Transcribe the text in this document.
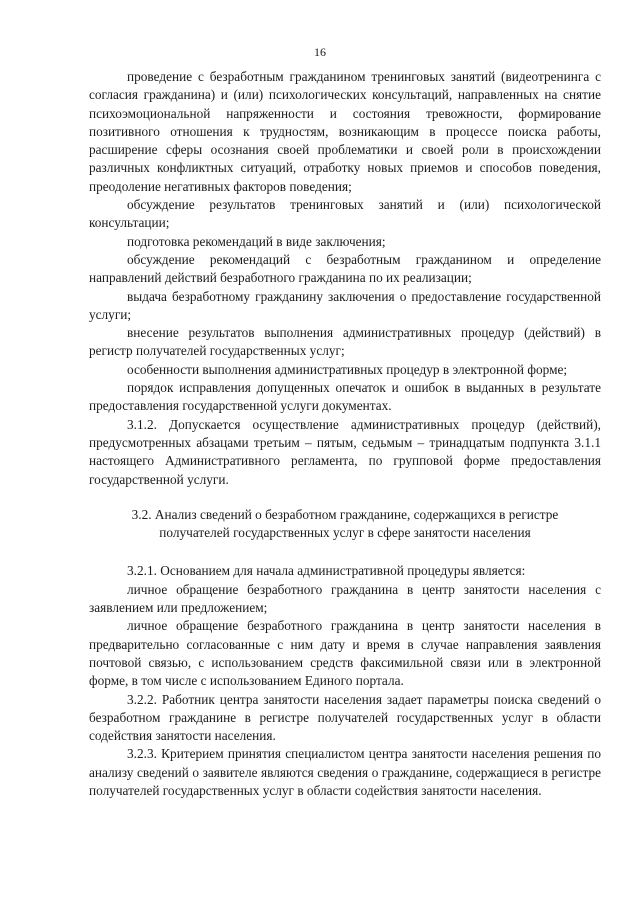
16

проведение с безработным гражданином тренинговых занятий (видеотренинга с согласия гражданина) и (или) психологических консультаций, направленных на снятие психоэмоциональной напряженности и состояния тревожности, формирование позитивного отношения к трудностям, возникающим в процессе поиска работы, расширение сферы осознания своей проблематики и своей роли в происхождении различных конфликтных ситуаций, отработку новых приемов и способов поведения, преодоление негативных факторов поведения;

обсуждение результатов тренинговых занятий и (или) психологической консультации;

подготовка рекомендаций в виде заключения;

обсуждение рекомендаций с безработным гражданином и определение направлений действий безработного гражданина по их реализации;

выдача безработному гражданину заключения о предоставление государственной услуги;

внесение результатов выполнения административных процедур (действий) в регистр получателей государственных услуг;

особенности выполнения административных процедур в электронной форме;

порядок исправления допущенных опечаток и ошибок в выданных в результате предоставления государственной услуги документах.

3.1.2. Допускается осуществление административных процедур (действий), предусмотренных абзацами третьим – пятым, седьмым – тринадцатым подпункта 3.1.1 настоящего Административного регламента, по групповой форме предоставления государственной услуги.

3.2. Анализ сведений о безработном гражданине, содержащихся в регистре получателей государственных услуг в сфере занятости населения

3.2.1. Основанием для начала административной процедуры является:

личное обращение безработного гражданина в центр занятости населения с заявлением или предложением;

личное обращение безработного гражданина в центр занятости населения в предварительно согласованные с ним дату и время в случае направления заявления почтовой связью, с использованием средств факсимильной связи или в электронной форме, в том числе с использованием Единого портала.

3.2.2. Работник центра занятости населения задает параметры поиска сведений о безработном гражданине в регистре получателей государственных услуг в области содействия занятости населения.

3.2.3. Критерием принятия специалистом центра занятости населения решения по анализу сведений о заявителе являются сведения о гражданине, содержащиеся в регистре получателей государственных услуг в области содействия занятости населения.
